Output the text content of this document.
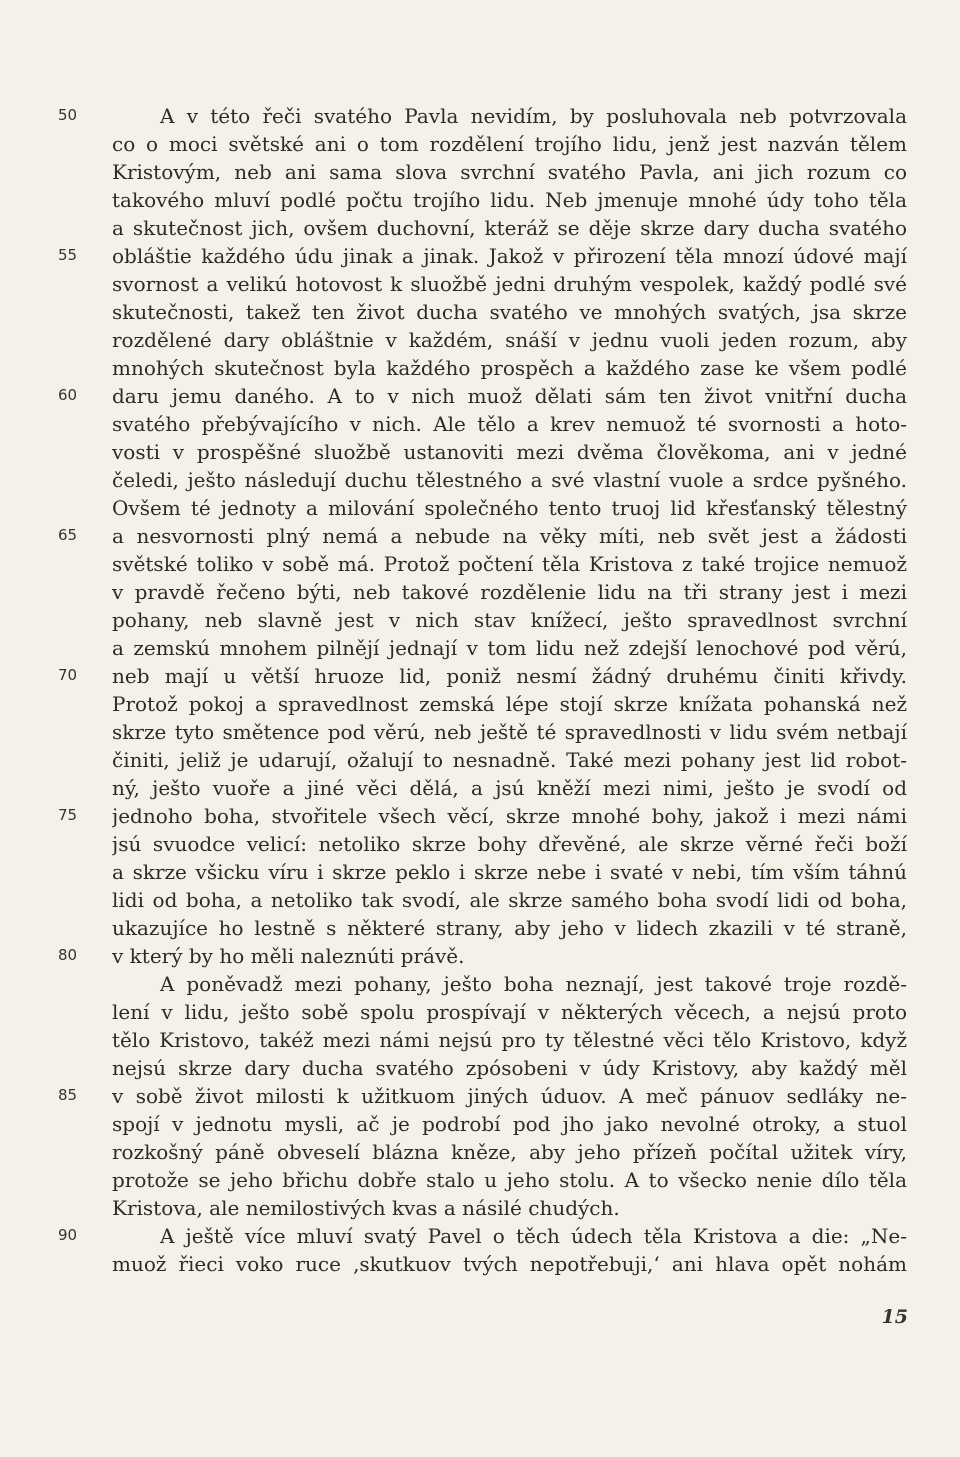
50
55
60
65
70
75
80
85
90
A v této řeči svatého Pavla nevidím, by posluhovala neb potvrzovala
co o moci světské ani o tom rozdělení trojího lidu, jenž jest nazván tělem
Kristovým, neb ani sama slova svrchní svatého Pavla, ani jich rozum co
takového mluví podlé počtu trojího lidu. Neb jmenuje mnohé údy toho těla
a skutečnost jich, ovšem duchovní, kteráž se děje skrze dary ducha svatého
obláštie každého údu jinak a jinak. Jakož v přirození těla mnozí údové mají
svornost a velikú hotovost k sluožbě jedni druhým vespolek, každý podlé své
skutečnosti, takež ten život ducha svatého ve mnohých svatých, jsa skrze
rozdělené dary obláštnie v každém, snáší v jednu vuoli jeden rozum, aby
mnohých skutečnost byla každého prospěch a každého zase ke všem podlé
daru jemu daného. A to v nich muož dělati sám ten život vnitřní ducha
svatého přebývajícího v nich. Ale tělo a krev nemuož té svornosti a hoto-
vosti v prospěšné sluožbě ustanoviti mezi dvěma člověkoma, ani v jedné
čeledi, ješto následují duchu tělestného a své vlastní vuole a srdce pyšného.
Ovšem té jednoty a milování společného tento truoj lid křesťanský tělestný
a nesvornosti plný nemá a nebude na věky míti, neb svět jest a žádosti
světské toliko v sobě má. Protož počtení těla Kristova z také trojice nemuož
v pravdě řečeno býti, neb takové rozdělenie lidu na tři strany jest i mezi
pohany, neb slavně jest v nich stav knížecí, ješto spravedlnost svrchní
a zemskú mnohem pilnějí jednají v tom lidu než zdejší lenochové pod věrú,
neb mají u větší hruoze lid, poniž nesmí žádný druhému činiti křivdy.
Protož pokoj a spravedlnost zemská lépe stojí skrze knížata pohanská než
skrze tyto smětence pod věrú, neb ještě té spravedlnosti v lidu svém netbají
činiti, jeliž je udarují, ožalují to nesnadně. Také mezi pohany jest lid robot-
ný, ješto vuoře a jiné věci dělá, a jsú kněží mezi nimi, ješto je svodí od
jednoho boha, stvořitele všech věcí, skrze mnohé bohy, jakož i mezi námi
jsú svuodce velicí: netoliko skrze bohy dřevěné, ale skrze věrné řeči boží
a skrze všicku víru i skrze peklo i skrze nebe i svaté v nebi, tím vším táhnú
lidi od boha, a netoliko tak svodí, ale skrze samého boha svodí lidi od boha,
ukazujíce ho lestně s některé strany, aby jeho v lidech zkazili v té straně,
v který by ho měli naleznúti právě.
A poněvadž mezi pohany, ješto boha neznají, jest takové troje rozdě-
lení v lidu, ješto sobě spolu prospívají v některých věcech, a nejsú proto
tělo Kristovo, takéž mezi námi nejsú pro ty tělestné věci tělo Kristovo, když
nejsú skrze dary ducha svatého zpósobeni v údy Kristovy, aby každý měl
v sobě život milosti k užitkuom jiných úduov. A meč pánuov sedláky ne-
spojí v jednotu mysli, ač je podrobí pod jho jako nevolné otroky, a stuol
rozkošný páně obveselí blázna kněze, aby jeho přízeň počítal užitek víry,
protože se jeho břichu dobře stalo u jeho stolu. A to všecko nenie dílo těla
Kristova, ale nemilostivých kvas a násilé chudých.
A ještě více mluví svatý Pavel o těch údech těla Kristova a die: „Ne-
muož řieci voko ruce ‚skutkuov tvých nepotřebuji,‘ ani hlava opět nohám
15
